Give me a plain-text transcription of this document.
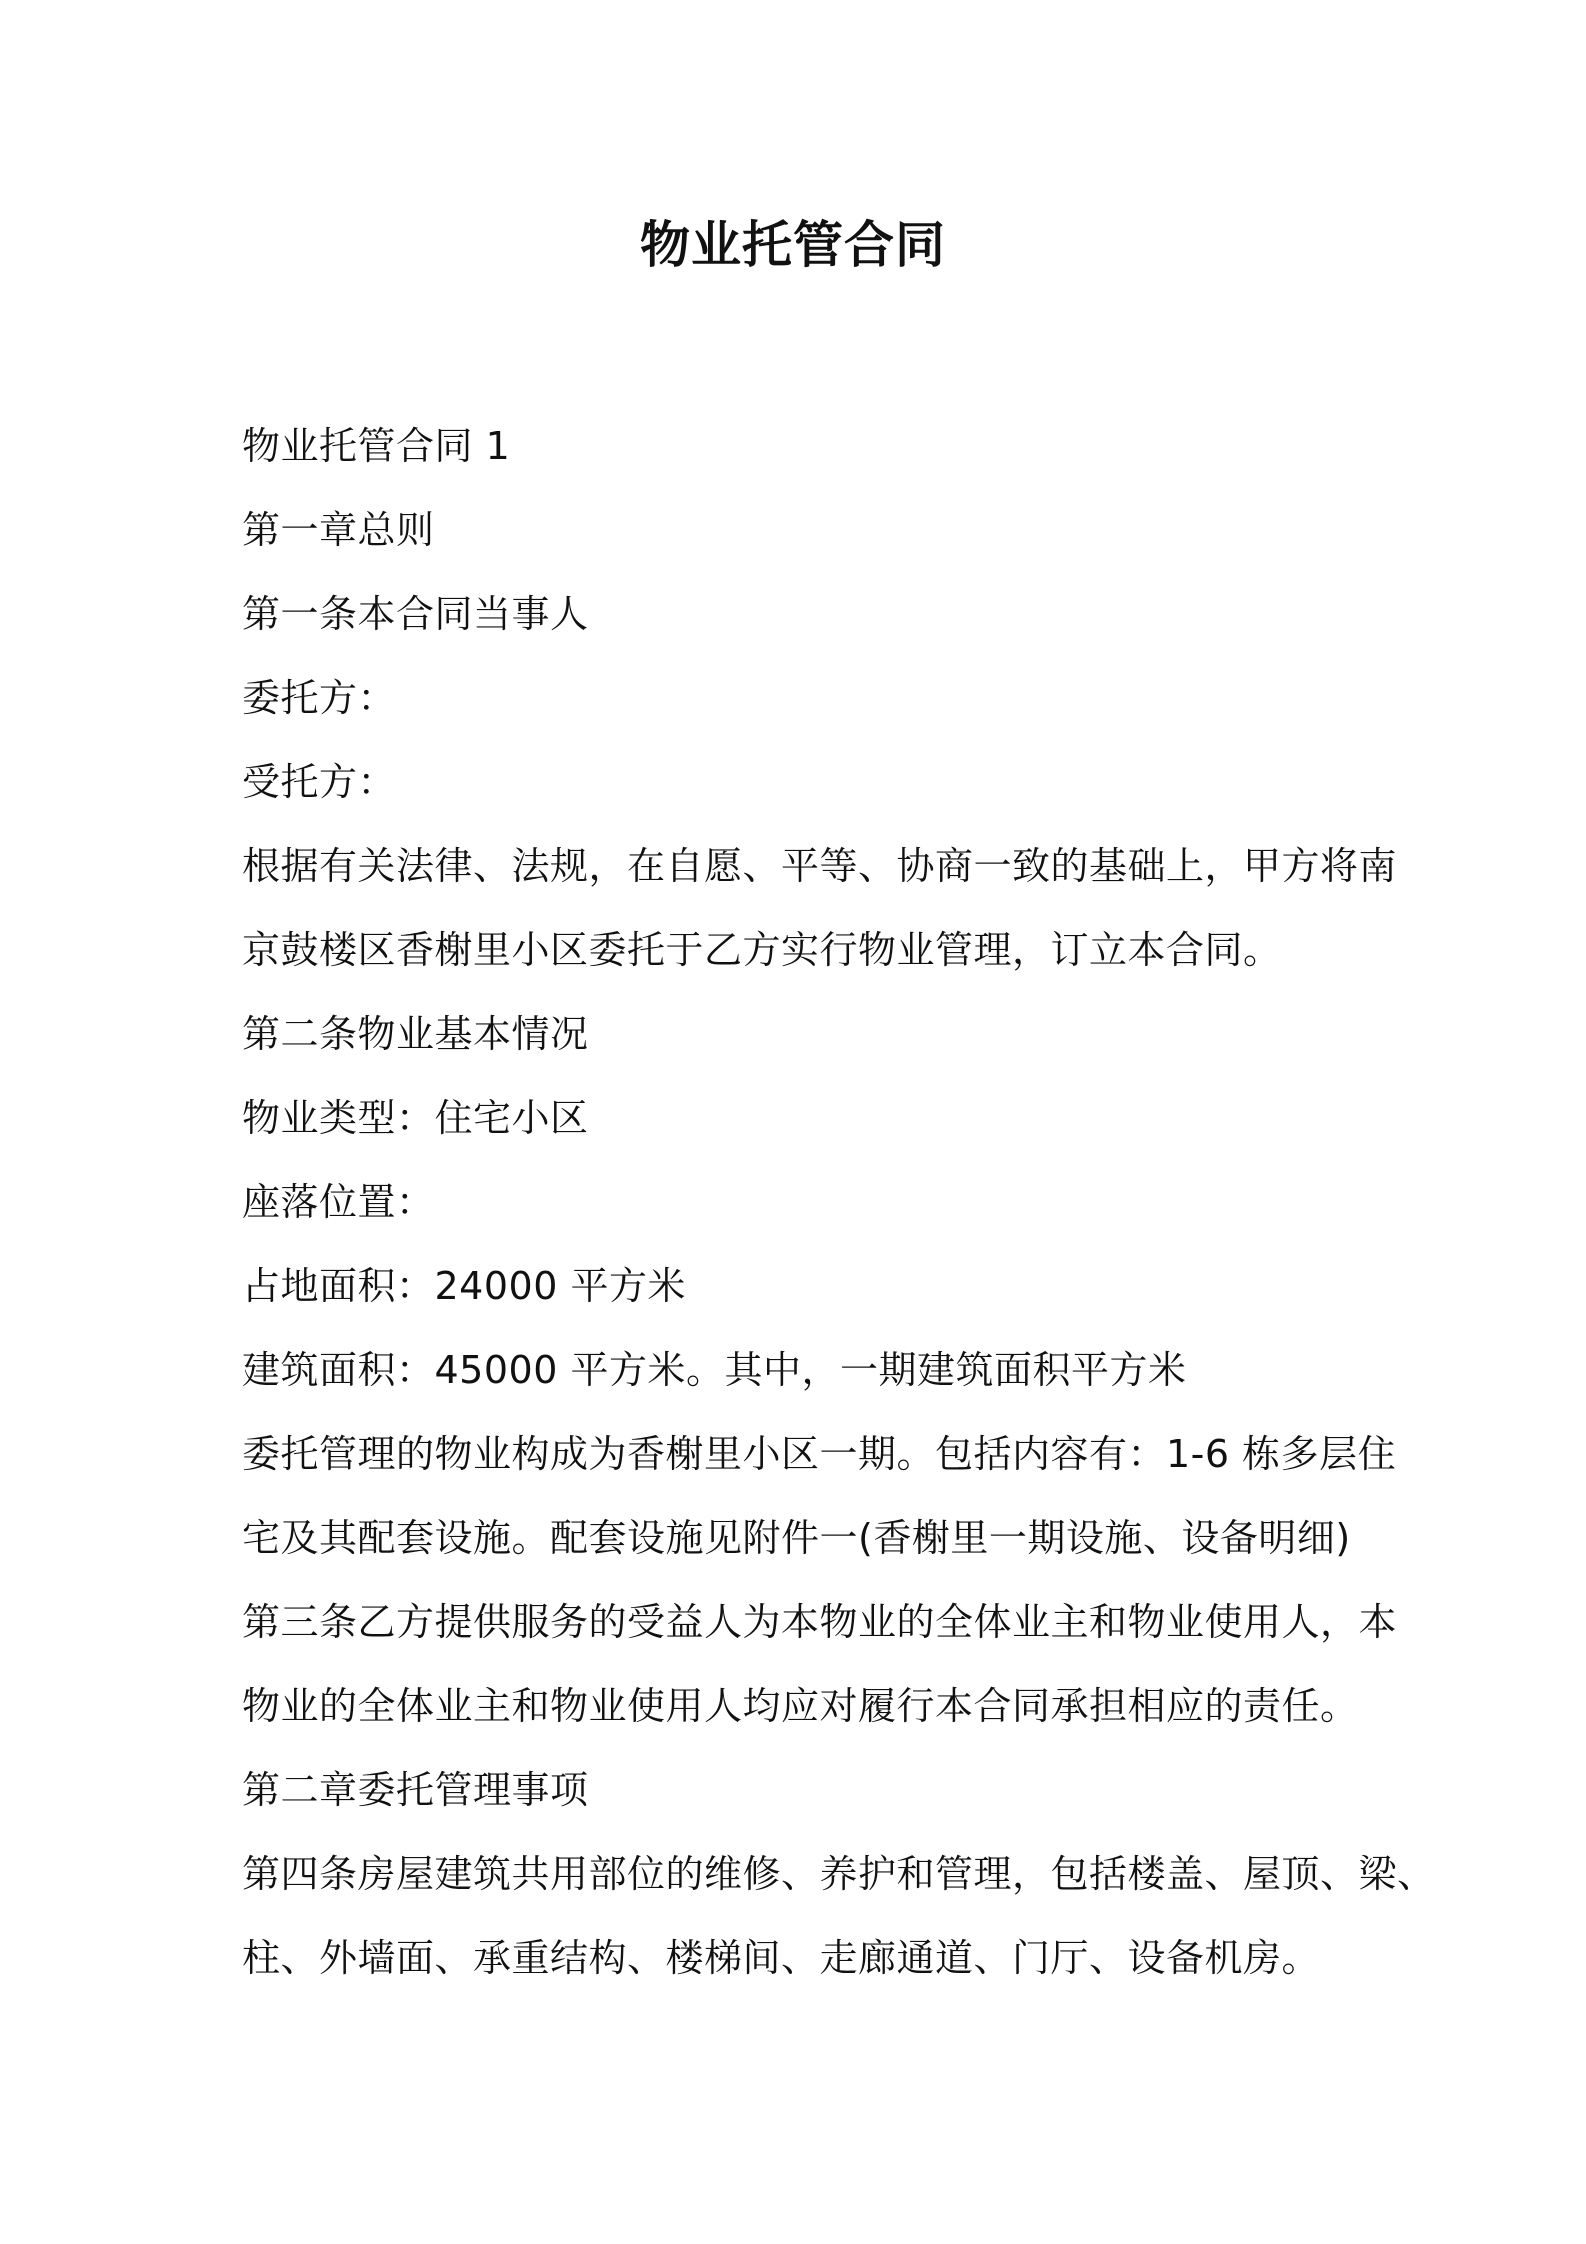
物业托管合同

物业托管合同 1

第一章总则

第一条本合同当事人

委托方：

受托方：

根据有关法律、法规，在自愿、平等、协商一致的基础上，甲方将南

京鼓楼区香榭里小区委托于乙方实行物业管理，订立本合同。

第二条物业基本情况

物业类型：住宅小区

座落位置：

占地面积：24000 平方米

建筑面积：45000 平方米。其中，一期建筑面积平方米

委托管理的物业构成为香榭里小区一期。包括内容有：1-6 栋多层住

宅及其配套设施。配套设施见附件一(香榭里一期设施、设备明细)

第三条乙方提供服务的受益人为本物业的全体业主和物业使用人，本

物业的全体业主和物业使用人均应对履行本合同承担相应的责任。

第二章委托管理事项

第四条房屋建筑共用部位的维修、养护和管理，包括楼盖、屋顶、梁、

柱、外墙面、承重结构、楼梯间、走廊通道、门厅、设备机房。
